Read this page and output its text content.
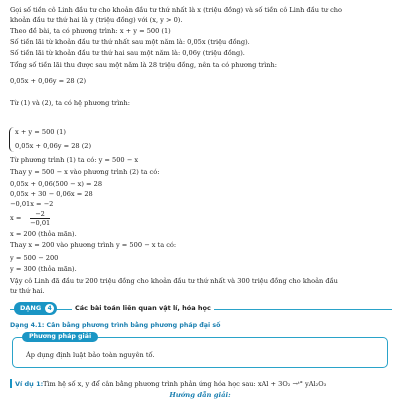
Gọi số tiền cô Linh đầu tư cho khoản đầu tư thứ nhất là x (triệu đồng) và số tiền cô Linh đầu tư cho
khoản đầu tư thứ hai là y (triệu đồng) với (x, y > 0).
Theo đề bài, ta có phương trình: x + y = 500 (1)
Số tiền lãi từ khoản đầu tư thứ nhất sau một năm là: 0,05x (triệu đồng).
Số tiền lãi từ khoản đầu tư thứ hai sau một năm là: 0,06y (triệu đồng).
Tổng số tiền lãi thu được sau một năm là 28 triệu đồng, nên ta có phương trình:
0,05x + 0,06y = 28 (2)
Từ (1) và (2), ta có hệ phương trình:
x + y = 500 (1)
0,05x + 0,06y = 28 (2)
Từ phương trình (1) ta có: y = 500 − x
Thay y = 500 − x vào phương trình (2) ta có:
0,05x + 0,06(500 − x) = 28
0,05x + 30 − 0,06x = 28
−0,01x = −2
x =	−2
−0,01
x = 200 (thỏa mãn).
Thay x = 200 vào phương trình y = 500 − x ta có:
y = 500 − 200
y = 300 (thỏa mãn).
Vậy cô Linh đã đầu tư 200 triệu đồng cho khoản đầu tư thứ nhất và 300 triệu đồng cho khoản đầu
tư thứ hai.
DẠNG	4	Các bài toán liên quan vật lí, hóa học
Dạng 4.1: Cân bằng phương trình bằng phương pháp đại số
Phương pháp giải
Áp dụng định luật bảo toàn nguyên tố.
Ví dụ 1: Tìm hệ số x, y để cân bằng phương trình phản ứng hóa học sau: xAl + 3O₂ →ᵗ° yAl₂O₃
Hướng dẫn giải:
